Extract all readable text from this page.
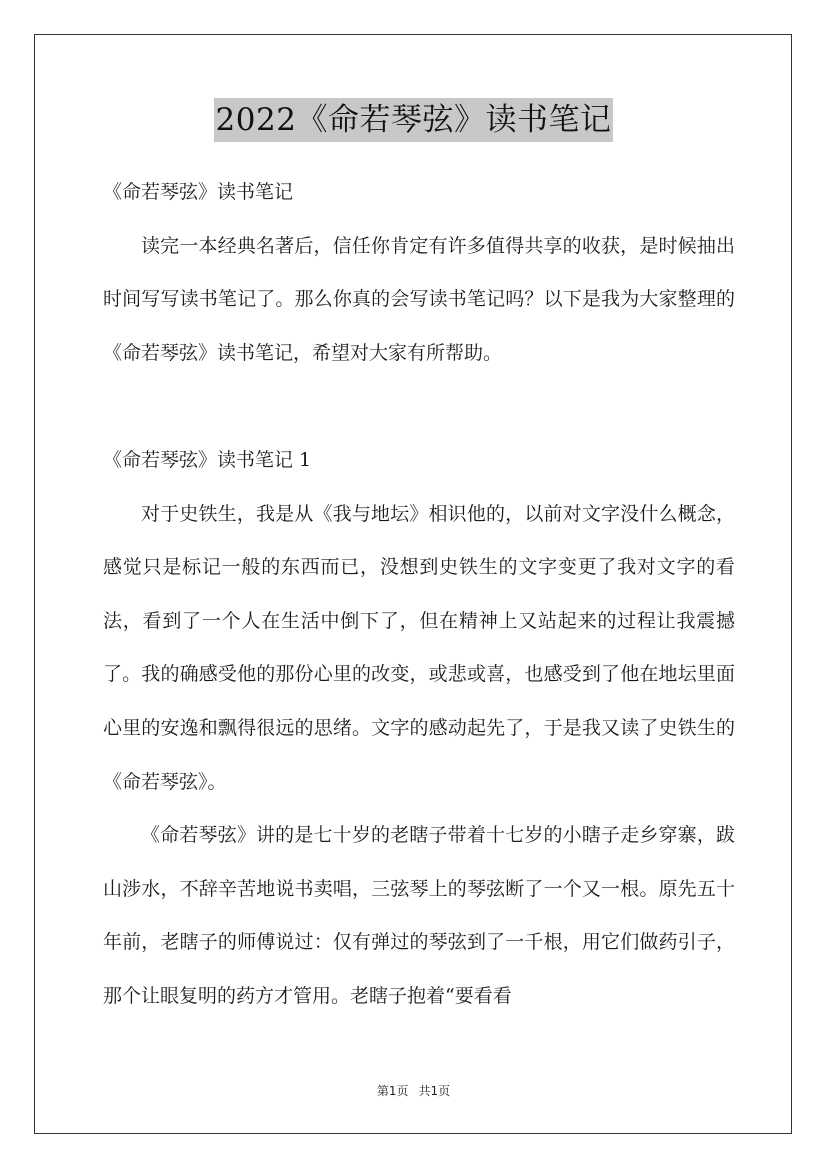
2022《命若琴弦》读书笔记

《命若琴弦》读书笔记

读完一本经典名著后，信任你肯定有许多值得共享的收获，是时候抽出时间写写读书笔记了。那么你真的会写读书笔记吗？以下是我为大家整理的《命若琴弦》读书笔记，希望对大家有所帮助。

《命若琴弦》读书笔记 1

对于史铁生，我是从《我与地坛》相识他的，以前对文字没什么概念，感觉只是标记一般的东西而已，没想到史铁生的文字变更了我对文字的看法，看到了一个人在生活中倒下了，但在精神上又站起来的过程让我震撼了。我的确感受他的那份心里的改变，或悲或喜，也感受到了他在地坛里面心里的安逸和飘得很远的思绪。文字的感动起先了，于是我又读了史铁生的《命若琴弦》。

《命若琴弦》讲的是七十岁的老瞎子带着十七岁的小瞎子走乡穿寨，跋山涉水，不辞辛苦地说书卖唱，三弦琴上的琴弦断了一个又一根。原先五十年前，老瞎子的师傅说过：仅有弹过的琴弦到了一千根，用它们做药引子，那个让眼复明的药方才管用。老瞎子抱着“要看看

第1页 共1页
